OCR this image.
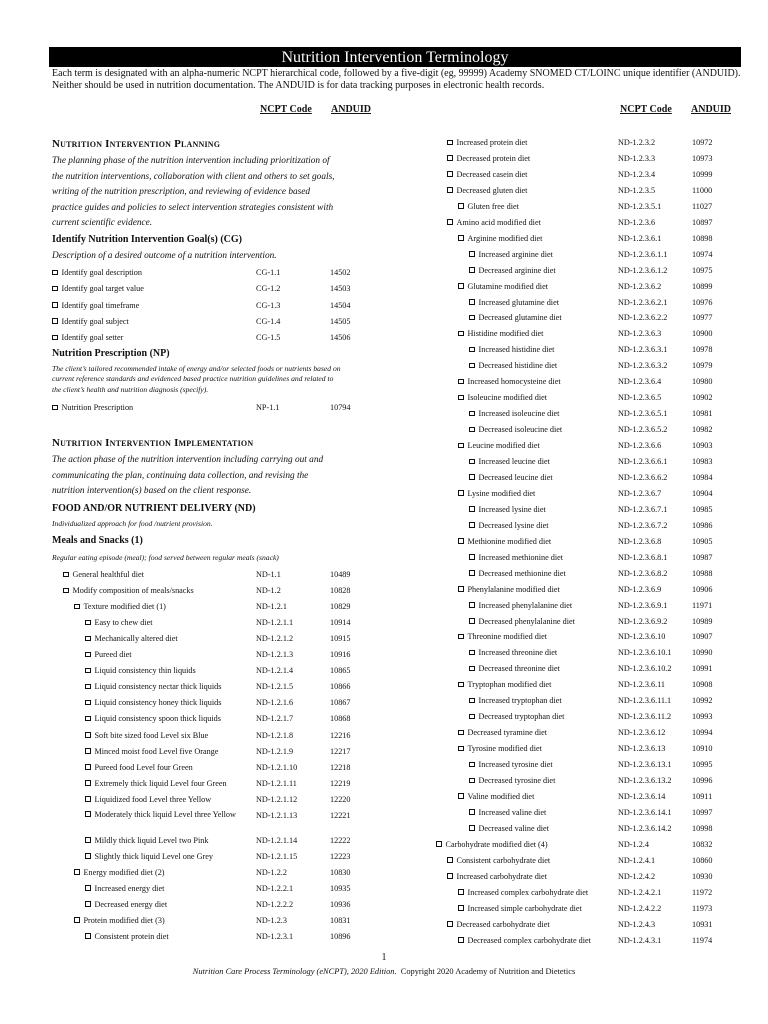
Nutrition Intervention Terminology
Each term is designated with an alpha-numeric NCPT hierarchical code, followed by a five-digit (eg, 99999) Academy SNOMED CT/LOINC unique identifier (ANDUID). Neither should be used in nutrition documentation. The ANDUID is for data tracking purposes in electronic health records.
NCPT Code ANDUID	NCPT Code ANDUID
Nutrition Intervention Planning
The planning phase of the nutrition intervention including prioritization of the nutrition interventions, collaboration with client and others to set goals, writing of the nutrition prescription, and reviewing of evidence based practice guides and policies to select intervention strategies consistent with current scientific evidence.
Identify Nutrition Intervention Goal(s) (CG)
Description of a desired outcome of a nutrition intervention.
Identify goal description	CG-1.1	14502
Identify goal target value	CG-1.2	14503
Identify goal timeframe	CG-1.3	14504
Identify goal subject	CG-1.4	14505
Identify goal setter	CG-1.5	14506
Nutrition Prescription (NP)
The client’s tailored recommended intake of energy and/or selected foods or nutrients based on current reference standards and evidenced based practice nutrition guidelines and related to the client’s health and nutrition diagnosis (specify).
Nutrition Prescription	NP-1.1	10794
Nutrition Intervention Implementation
The action phase of the nutrition intervention including carrying out and communicating the plan, continuing data collection, and revising the nutrition intervention(s) based on the client response.
FOOD AND/OR NUTRIENT DELIVERY (ND)
Individualized approach for food /nutrient provision.
Meals and Snacks (1)
Regular eating episode (meal); food served between regular meals (snack)
General healthful diet	ND-1.1	10489
Modify composition of meals/snacks	ND-1.2	10828
Texture modified diet (1)	ND-1.2.1	10829
Easy to chew diet	ND-1.2.1.1	10914
Mechanically altered diet	ND-1.2.1.2	10915
Pureed diet	ND-1.2.1.3	10916
Liquid consistency thin liquids	ND-1.2.1.4	10865
Liquid consistency nectar thick liquids	ND-1.2.1.5	10866
Liquid consistency honey thick liquids	ND-1.2.1.6	10867
Liquid consistency spoon thick liquids	ND-1.2.1.7	10868
Soft bite sized food Level six Blue	ND-1.2.1.8	12216
Minced moist food Level five Orange	ND-1.2.1.9	12217
Pureed food Level four Green	ND-1.2.1.10	12218
Extremely thick liquid Level four Green	ND-1.2.1.11	12219
Liquidized food Level three Yellow	ND-1.2.1.12	12220
Moderately thick liquid Level three Yellow	ND-1.2.1.13	12221
Mildly thick liquid Level two Pink	ND-1.2.1.14	12222
Slightly thick liquid Level one Grey	ND-1.2.1.15	12223
Energy modified diet (2)	ND-1.2.2	10830
Increased energy diet	ND-1.2.2.1	10935
Decreased energy diet	ND-1.2.2.2	10936
Protein modified diet (3)	ND-1.2.3	10831
Consistent protein diet	ND-1.2.3.1	10896
Increased protein diet	ND-1.2.3.2	10972
Decreased protein diet	ND-1.2.3.3	10973
Decreased casein diet	ND-1.2.3.4	10999
Decreased gluten diet	ND-1.2.3.5	11000
Gluten free diet	ND-1.2.3.5.1	11027
Amino acid modified diet	ND-1.2.3.6	10897
Arginine modified diet	ND-1.2.3.6.1	10898
Increased arginine diet	ND-1.2.3.6.1.1	10974
Decreased arginine diet	ND-1.2.3.6.1.2	10975
Glutamine modified diet	ND-1.2.3.6.2	10899
Increased glutamine diet	ND-1.2.3.6.2.1	10976
Decreased glutamine diet	ND-1.2.3.6.2.2	10977
Histidine modified diet	ND-1.2.3.6.3	10900
Increased histidine diet	ND-1.2.3.6.3.1	10978
Decreased histidine diet	ND-1.2.3.6.3.2	10979
Increased homocysteine diet	ND-1.2.3.6.4	10980
Isoleucine modified diet	ND-1.2.3.6.5	10902
Increased isoleucine diet	ND-1.2.3.6.5.1	10981
Decreased isoleucine diet	ND-1.2.3.6.5.2	10982
Leucine modified diet	ND-1.2.3.6.6	10903
Increased leucine diet	ND-1.2.3.6.6.1	10983
Decreased leucine diet	ND-1.2.3.6.6.2	10984
Lysine modified diet	ND-1.2.3.6.7	10904
Increased lysine diet	ND-1.2.3.6.7.1	10985
Decreased lysine diet	ND-1.2.3.6.7.2	10986
Methionine modified diet	ND-1.2.3.6.8	10905
Increased methionine diet	ND-1.2.3.6.8.1	10987
Decreased methionine diet	ND-1.2.3.6.8.2	10988
Phenylalanine modified diet	ND-1.2.3.6.9	10906
Increased phenylalanine diet	ND-1.2.3.6.9.1	11971
Decreased phenylalanine diet	ND-1.2.3.6.9.2	10989
Threonine modified diet	ND-1.2.3.6.10	10907
Increased threonine diet	ND-1.2.3.6.10.1	10990
Decreased threonine diet	ND-1.2.3.6.10.2	10991
Tryptophan modified diet	ND-1.2.3.6.11	10908
Increased tryptophan diet	ND-1.2.3.6.11.1	10992
Decreased tryptophan diet	ND-1.2.3.6.11.2	10993
Decreased tyramine diet	ND-1.2.3.6.12	10994
Tyrosine modified diet	ND-1.2.3.6.13	10910
Increased tyrosine diet	ND-1.2.3.6.13.1	10995
Decreased tyrosine diet	ND-1.2.3.6.13.2	10996
Valine modified diet	ND-1.2.3.6.14	10911
Increased valine diet	ND-1.2.3.6.14.1	10997
Decreased valine diet	ND-1.2.3.6.14.2	10998
Carbohydrate modified diet (4)	ND-1.2.4	10832
Consistent carbohydrate diet	ND-1.2.4.1	10860
Increased carbohydrate diet	ND-1.2.4.2	10930
Increased complex carbohydrate diet	ND-1.2.4.2.1	11972
Increased simple carbohydrate diet	ND-1.2.4.2.2	11973
Decreased carbohydrate diet	ND-1.2.4.3	10931
Decreased complex carbohydrate diet	ND-1.2.4.3.1	11974
1
Nutrition Care Process Terminology (eNCPT), 2020 Edition. Copyright 2020 Academy of Nutrition and Dietetics
